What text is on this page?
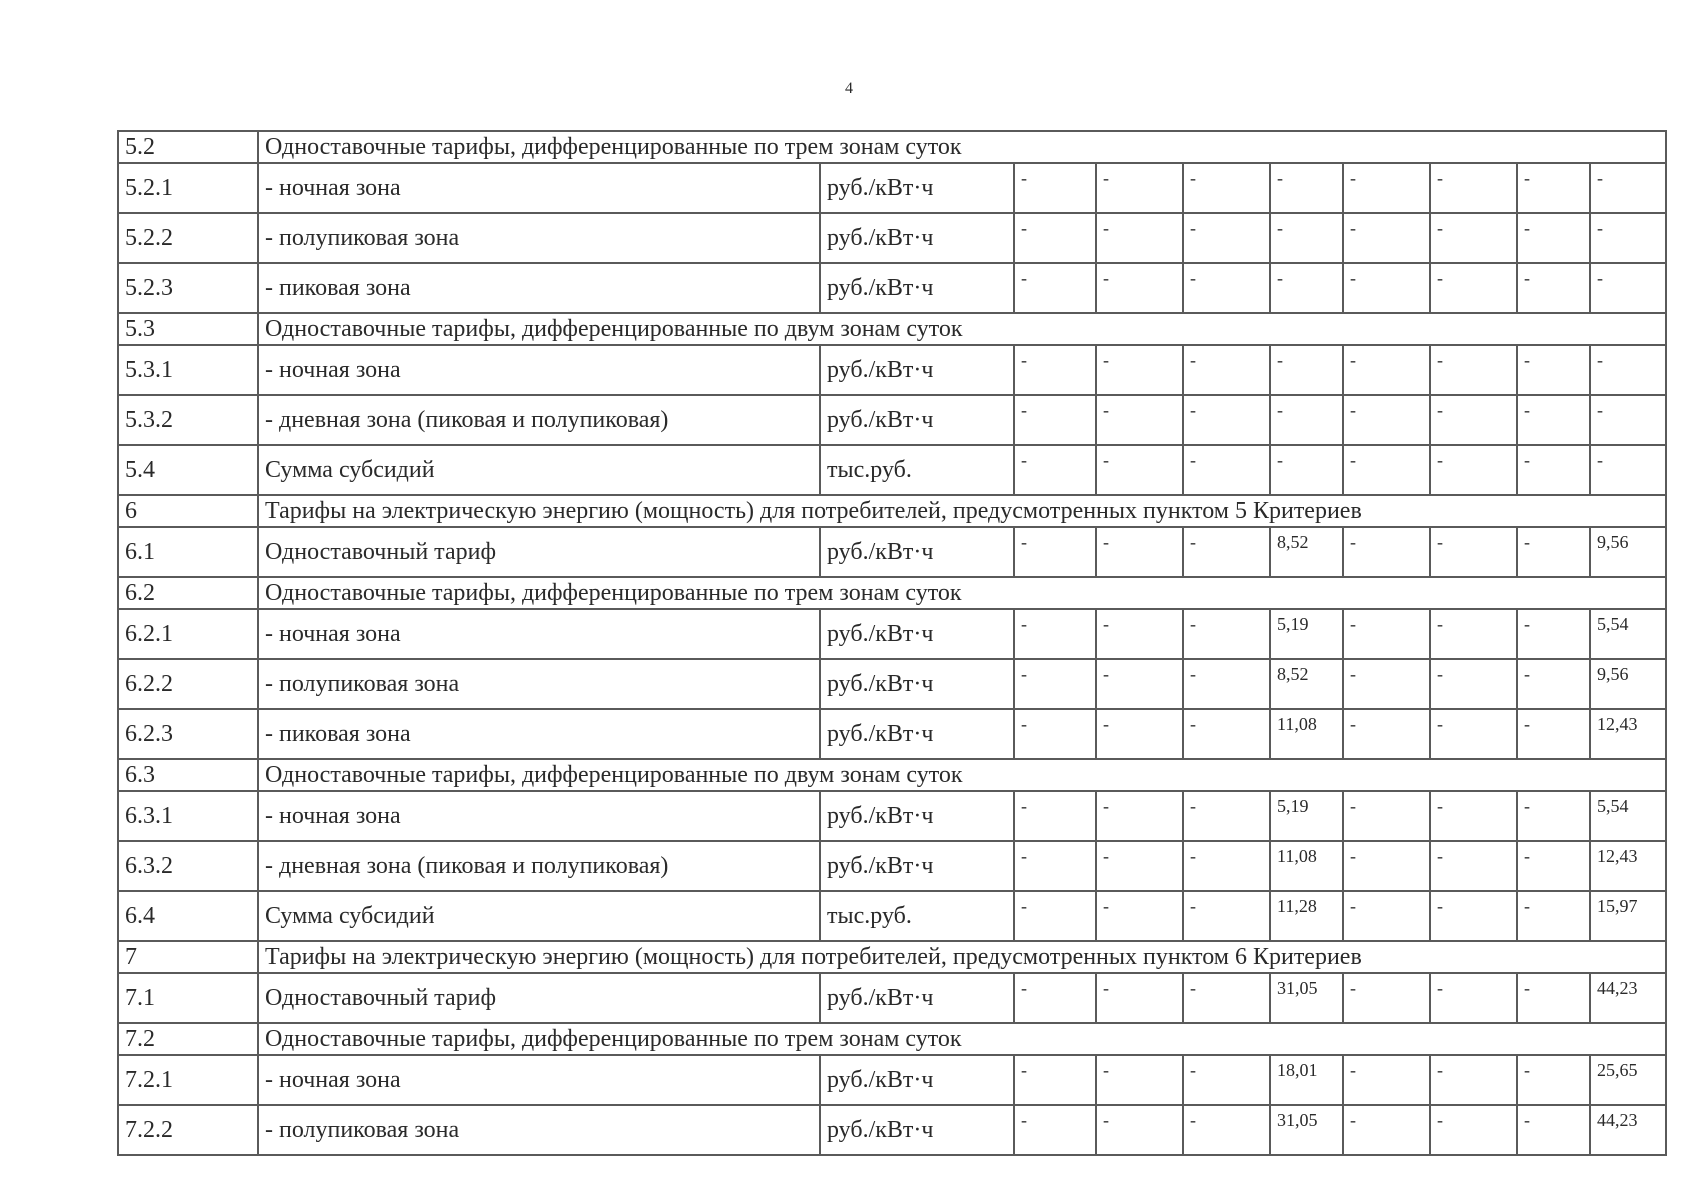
4
5.2	Одноставочные тарифы, дифференцированные по трем зонам суток									
5.2.1	- ночная зона	руб./кВт·ч	-	-	-	-	-	-	-	-
5.2.2	- полупиковая зона	руб./кВт·ч	-	-	-	-	-	-	-	-
5.2.3	- пиковая зона	руб./кВт·ч	-	-	-	-	-	-	-	-
5.3	Одноставочные тарифы, дифференцированные по двум зонам суток									
5.3.1	- ночная зона	руб./кВт·ч	-	-	-	-	-	-	-	-
5.3.2	- дневная зона (пиковая и полупиковая)	руб./кВт·ч	-	-	-	-	-	-	-	-
5.4	Сумма субсидий	тыс.руб.	-	-	-	-	-	-	-	-
6	Тарифы на электрическую энергию (мощность) для потребителей, предусмотренных пунктом 5 Критериев									
6.1	Одноставочный тариф	руб./кВт·ч	-	-	-	8,52	-	-	-	9,56
6.2	Одноставочные тарифы, дифференцированные по трем зонам суток									
6.2.1	- ночная зона	руб./кВт·ч	-	-	-	5,19	-	-	-	5,54
6.2.2	- полупиковая зона	руб./кВт·ч	-	-	-	8,52	-	-	-	9,56
6.2.3	- пиковая зона	руб./кВт·ч	-	-	-	11,08	-	-	-	12,43
6.3	Одноставочные тарифы, дифференцированные по двум зонам суток									
6.3.1	- ночная зона	руб./кВт·ч	-	-	-	5,19	-	-	-	5,54
6.3.2	- дневная зона (пиковая и полупиковая)	руб./кВт·ч	-	-	-	11,08	-	-	-	12,43
6.4	Сумма субсидий	тыс.руб.	-	-	-	11,28	-	-	-	15,97
7	Тарифы на электрическую энергию (мощность) для потребителей, предусмотренных пунктом 6 Критериев									
7.1	Одноставочный тариф	руб./кВт·ч	-	-	-	31,05	-	-	-	44,23
7.2	Одноставочные тарифы, дифференцированные по трем зонам суток									
7.2.1	- ночная зона	руб./кВт·ч	-	-	-	18,01	-	-	-	25,65
7.2.2	- полупиковая зона	руб./кВт·ч	-	-	-	31,05	-	-	-	44,23
